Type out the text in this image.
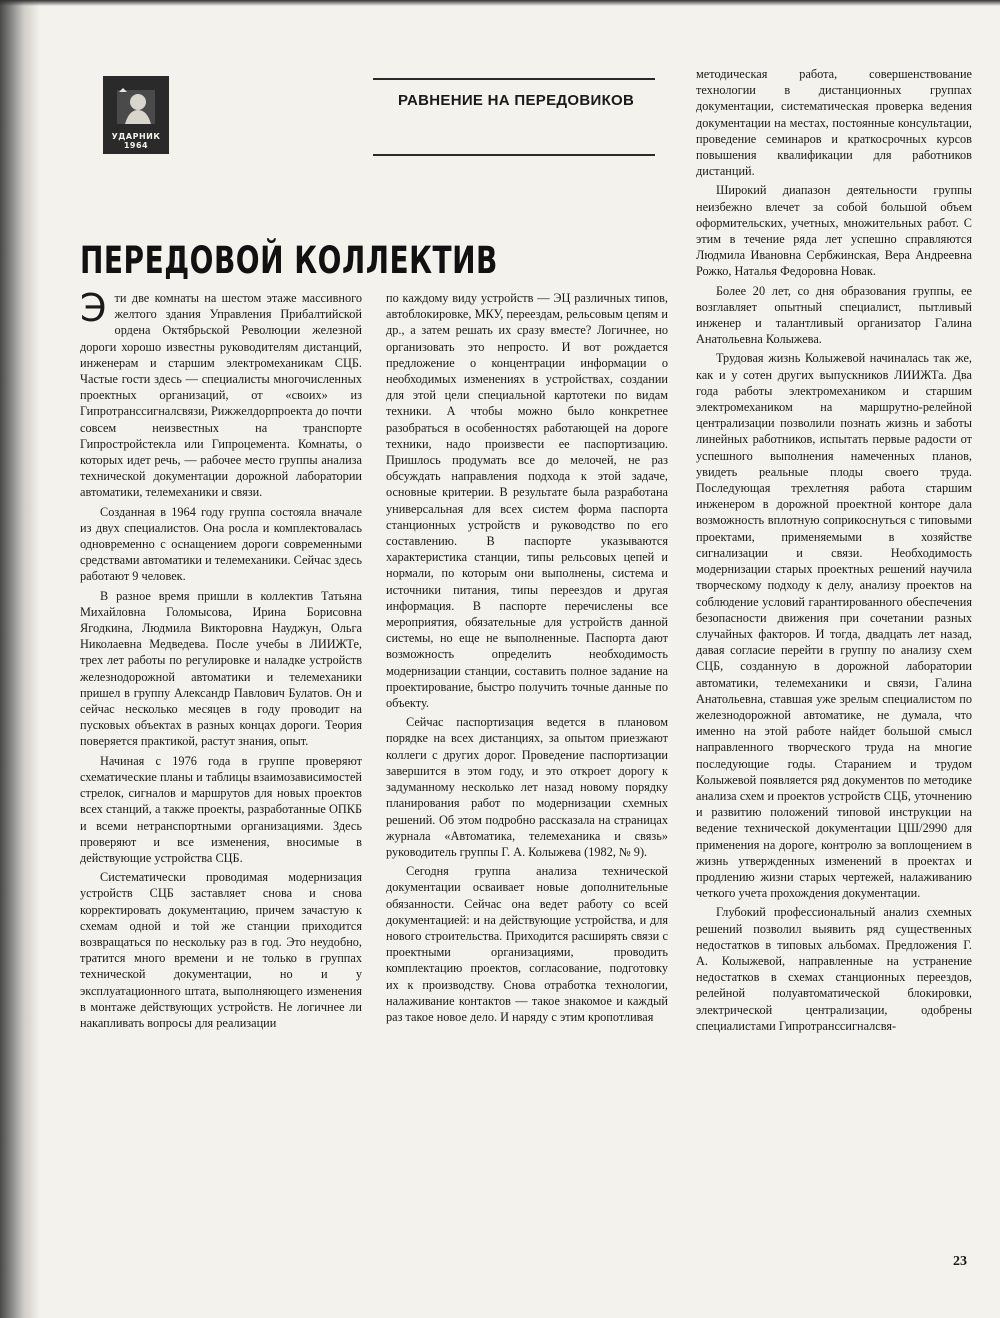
УДАРНИК
1964
РАВНЕНИЕ НА ПЕРЕДОВИКОВ
ПЕРЕДОВОЙ КОЛЛЕКТИВ

Эти две комнаты на шестом этаже массивного желтого здания Управления Прибалтийской ордена Октябрьской Революции железной дороги хорошо известны руководителям дистанций, инженерам и старшим электромеханикам СЦБ. Частые гости здесь — специалисты многочисленных проектных организаций, от «своих» из Гипротранссигналсвязи, Рижжелдорпроекта до почти совсем неизвестных на транспорте Гипростройстекла или Гипроцемента. Комнаты, о которых идет речь, — рабочее место группы анализа технической документации дорожной лаборатории автоматики, телемеханики и связи.

Созданная в 1964 году группа состояла вначале из двух специалистов. Она росла и комплектовалась одновременно с оснащением дороги современными средствами автоматики и телемеханики. Сейчас здесь работают 9 человек.

В разное время пришли в коллектив Татьяна Михайловна Голомысова, Ирина Борисовна Ягодкина, Людмила Викторовна Науджун, Ольга Николаевна Медведева. После учебы в ЛИИЖТе, трех лет работы по регулировке и наладке устройств железнодорожной автоматики и телемеханики пришел в группу Александр Павлович Булатов. Он и сейчас несколько месяцев в году проводит на пусковых объектах в разных концах дороги. Теория поверяется практикой, растут знания, опыт.

Начиная с 1976 года в группе проверяют схематические планы и таблицы взаимозависимостей стрелок, сигналов и маршрутов для новых проектов всех станций, а также проекты, разработанные ОПКБ и всеми нетранспортными организациями. Здесь проверяют и все изменения, вносимые в действующие устройства СЦБ.

Систематически проводимая модернизация устройств СЦБ заставляет снова и снова корректировать документацию, причем зачастую к схемам одной и той же станции приходится возвращаться по нескольку раз в год. Это неудобно, тратится много времени и не только в группах технической документации, но и у эксплуатационного штата, выполняющего изменения в монтаже действующих устройств. Не логичнее ли накапливать вопросы для реализации

по каждому виду устройств — ЭЦ различных типов, автоблокировке, МКУ, переездам, рельсовым цепям и др., а затем решать их сразу вместе? Логичнее, но организовать это непросто. И вот рождается предложение о концентрации информации о необходимых изменениях в устройствах, создании для этой цели специальной картотеки по видам техники. А чтобы можно было конкретнее разобраться в особенностях работающей на дороге техники, надо произвести ее паспортизацию. Пришлось продумать все до мелочей, не раз обсуждать направления подхода к этой задаче, основные критерии. В результате была разработана универсальная для всех систем форма паспорта станционных устройств и руководство по его составлению. В паспорте указываются характеристика станции, типы рельсовых цепей и нормали, по которым они выполнены, система и источники питания, типы переездов и другая информация. В паспорте перечислены все мероприятия, обязательные для устройств данной системы, но еще не выполненные. Паспорта дают возможность определить необходимость модернизации станции, составить полное задание на проектирование, быстро получить точные данные по объекту.

Сейчас паспортизация ведется в плановом порядке на всех дистанциях, за опытом приезжают коллеги с других дорог. Проведение паспортизации завершится в этом году, и это откроет дорогу к задуманному несколько лет назад новому порядку планирования работ по модернизации схемных решений. Об этом подробно рассказала на страницах журнала «Автоматика, телемеханика и связь» руководитель группы Г. А. Колыжева (1982, № 9).

Сегодня группа анализа технической документации осваивает новые дополнительные обязанности. Сейчас она ведет работу со всей документацией: и на действующие устройства, и для нового строительства. Приходится расширять связи с проектными организациями, проводить комплектацию проектов, согласование, подготовку их к производству. Снова отработка технологии, налаживание контактов — такое знакомое и каждый раз такое новое дело. И наряду с этим кропотливая

методическая работа, совершенствование технологии в дистанционных группах документации, систематическая проверка ведения документации на местах, постоянные консультации, проведение семинаров и краткосрочных курсов повышения квалификации для работников дистанций.

Широкий диапазон деятельности группы неизбежно влечет за собой большой объем оформительских, учетных, множительных работ. С этим в течение ряда лет успешно справляются Людмила Ивановна Сербжинская, Вера Андреевна Рожко, Наталья Федоровна Новак.

Более 20 лет, со дня образования группы, ее возглавляет опытный специалист, пытливый инженер и талантливый организатор Галина Анатольевна Колыжева.

Трудовая жизнь Колыжевой начиналась так же, как и у сотен других выпускников ЛИИЖТа. Два года работы электромехаником и старшим электромехаником на маршрутно-релейной централизации позволили познать жизнь и заботы линейных работников, испытать первые радости от успешного выполнения намеченных планов, увидеть реальные плоды своего труда. Последующая трехлетняя работа старшим инженером в дорожной проектной конторе дала возможность вплотную соприкоснуться с типовыми проектами, применяемыми в хозяйстве сигнализации и связи. Необходимость модернизации старых проектных решений научила творческому подходу к делу, анализу проектов на соблюдение условий гарантированного обеспечения безопасности движения при сочетании разных случайных факторов. И тогда, двадцать лет назад, давая согласие перейти в группу по анализу схем СЦБ, созданную в дорожной лаборатории автоматики, телемеханики и связи, Галина Анатольевна, ставшая уже зрелым специалистом по железнодорожной автоматике, не думала, что именно на этой работе найдет большой смысл направленного творческого труда на многие последующие годы. Старанием и трудом Колыжевой появляется ряд документов по методике анализа схем и проектов устройств СЦБ, уточнению и развитию положений типовой инструкции на ведение технической документации ЦШ/2990 для применения на дороге, контролю за воплощением в жизнь утвержденных изменений в проектах и продлению жизни старых чертежей, налаживанию четкого учета прохождения документации.

Глубокий профессиональный анализ схемных решений позволил выявить ряд существенных недостатков в типовых альбомах. Предложения Г. А. Колыжевой, направленные на устранение недостатков в схемах станционных переездов, релейной полуавтоматической блокировки, электрической централизации, одобрены специалистами Гипротранссигналсвя-

23
